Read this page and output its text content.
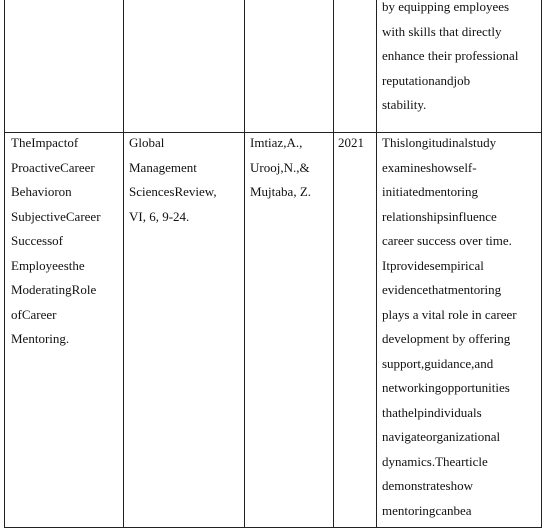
by equipping employees
with skills that directly
enhance their professional
reputationandjob
stability.
TheImpactof
ProactiveCareer
Behavioron
SubjectiveCareer
Successof
Employeesthe
ModeratingRole
ofCareer
Mentoring.
Global
Management
SciencesReview,
VI, 6, 9-24.
Imtiaz,A.,
Urooj,N.,&
Mujtaba, Z.
2021	Thislongitudinalstudy
examineshowself-
initiatedmentoring
relationshipsinfluence
career success over time.
Itprovidesempirical
evidencethatmentoring
plays a vital role in career
development by offering
support,guidance,and
networkingopportunities
thathelpindividuals
navigateorganizational
dynamics.Thearticle
demonstrateshow
mentoringcanbea
